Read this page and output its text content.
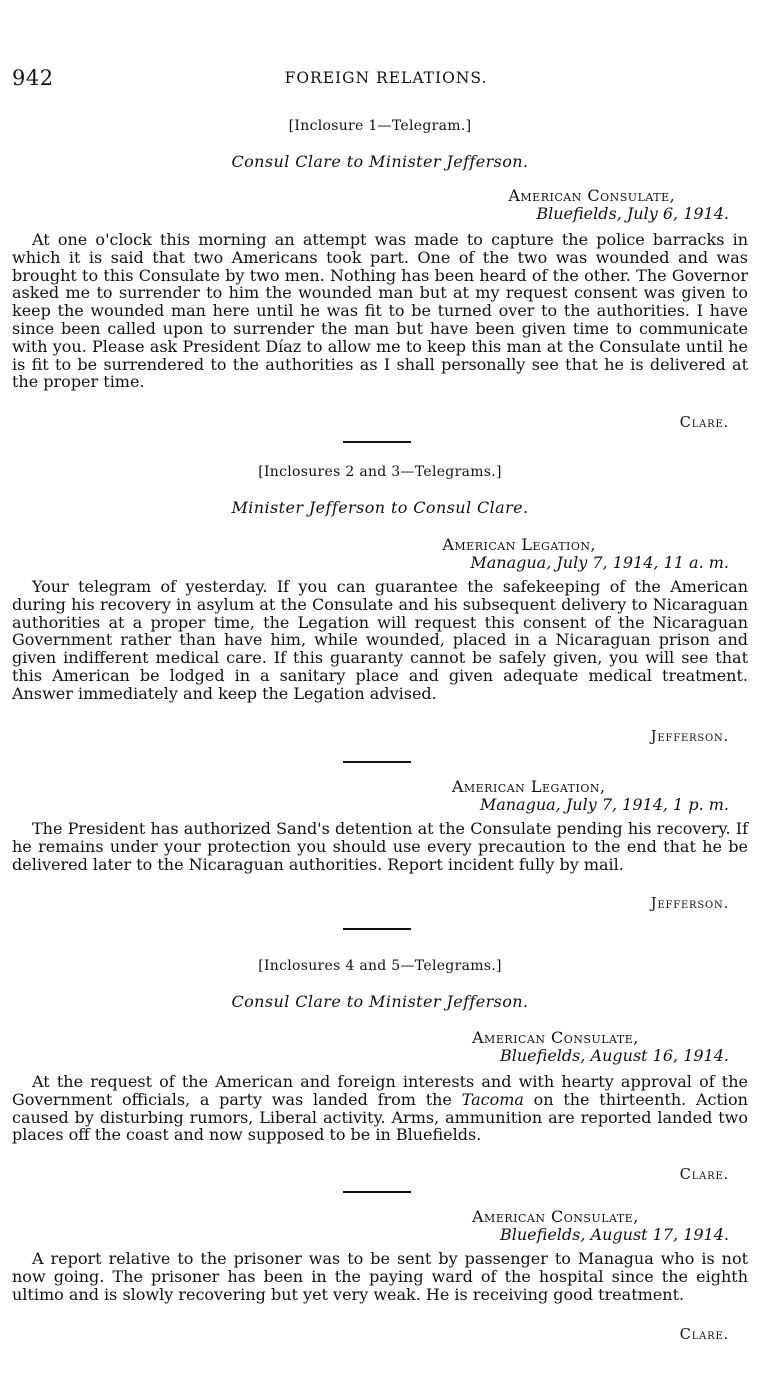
942	FOREIGN RELATIONS.
[Inclosure 1—Telegram.]
Consul Clare to Minister Jefferson.
American Consulate,
Bluefields, July 6, 1914.

At one o'clock this morning an attempt was made to capture the police barracks in which it is said that two Americans took part. One of the two was wounded and was brought to this Consulate by two men. Nothing has been heard of the other. The Governor asked me to surrender to him the wounded man but at my request consent was given to keep the wounded man here until he was fit to be turned over to the authorities. I have since been called upon to surrender the man but have been given time to communicate with you. Please ask President Díaz to allow me to keep this man at the Consulate until he is fit to be surrendered to the authorities as I shall personally see that he is delivered at the proper time.

Clare.
[Inclosures 2 and 3—Telegrams.]
Minister Jefferson to Consul Clare.
American Legation,
Managua, July 7, 1914, 11 a. m.

Your telegram of yesterday. If you can guarantee the safekeeping of the American during his recovery in asylum at the Consulate and his subsequent delivery to Nicaraguan authorities at a proper time, the Legation will request this consent of the Nicaraguan Government rather than have him, while wounded, placed in a Nicaraguan prison and given indifferent medical care. If this guaranty cannot be safely given, you will see that this American be lodged in a sanitary place and given adequate medical treatment. Answer immediately and keep the Legation advised.

Jefferson.
American Legation,
Managua, July 7, 1914, 1 p. m.

The President has authorized Sand's detention at the Consulate pending his recovery. If he remains under your protection you should use every precaution to the end that he be delivered later to the Nicaraguan authorities. Report incident fully by mail.

Jefferson.
[Inclosures 4 and 5—Telegrams.]
Consul Clare to Minister Jefferson.
American Consulate,
Bluefields, August 16, 1914.

At the request of the American and foreign interests and with hearty approval of the Government officials, a party was landed from the Tacoma on the thirteenth. Action caused by disturbing rumors, Liberal activity. Arms, ammunition are reported landed two places off the coast and now supposed to be in Bluefields.

Clare.
American Consulate,
Bluefields, August 17, 1914.

A report relative to the prisoner was to be sent by passenger to Managua who is not now going. The prisoner has been in the paying ward of the hospital since the eighth ultimo and is slowly recovering but yet very weak. He is receiving good treatment.

Clare.
